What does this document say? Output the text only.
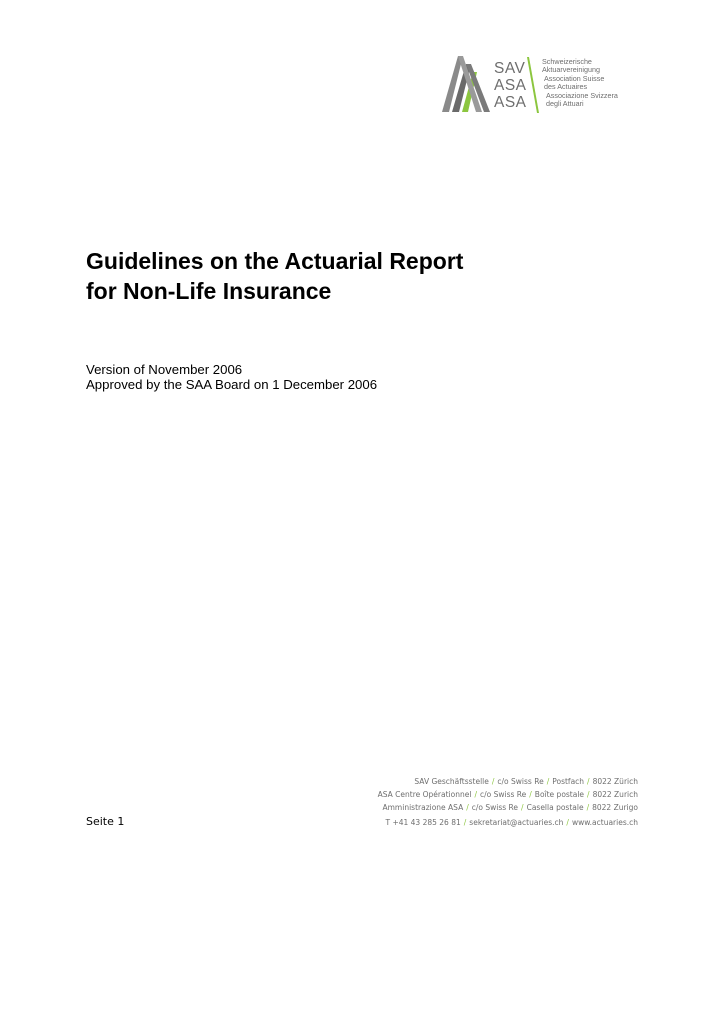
SAV
ASA
ASA
Schweizerische
Aktuarvereinigung
Association Suisse
des Actuaires
Associazione Svizzera
degli Attuari
Guidelines on the Actuarial Report
for Non-Life Insurance
Version of November 2006
Approved by the SAA Board on 1 December 2006
Seite 1
SAV Geschäftsstelle / c/o Swiss Re / Postfach / 8022 Zürich
ASA Centre Opérationnel / c/o Swiss Re / Boîte postale / 8022 Zurich
Amministrazione ASA / c/o Swiss Re / Casella postale / 8022 Zurigo
T +41 43 285 26 81 / sekretariat@actuaries.ch / www.actuaries.ch
